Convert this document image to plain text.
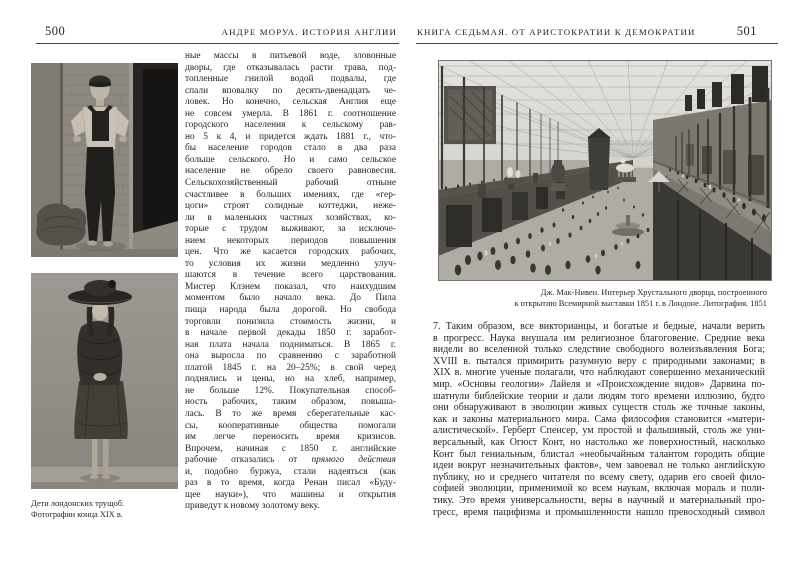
500	АНДРЕ МОРУА. ИСТОРИЯ АНГЛИИ
Дети лондонских трущоб.
Фотографии конца XIX в.
ные массы в питьевой воде, зловонные
дворы, где отказывалась расти трава, под-
топленные гнилой водой подвалы, где
спали вповалку по десять-двенадцать че-
ловек. Но конечно, сельская Англия еще
не совсем умерла. В 1861 г. соотношение
городского населения к сельскому рав-
но 5 к 4, и придется ждать 1881 г., что-
бы население городов стало в два раза
больше сельского. Но и само сельское
население не обрело своего равновесия.
Сельскохозяйственный рабочий отныне
счастливее в больших имениях, где «гер-
цоги» строят солидные коттеджи, неже-
ли в маленьких частных хозяйствах, ко-
торые с трудом выживают, за исключе-
нием некоторых периодов повышения
цен. Что же касается городских рабочих,
то условия их жизни медленно улуч-
шаются в течение всего царствования.
Мистер Клэнем показал, что наихудшим
моментом было начало века. До Пила
пища народа была дорогой. Но свобода
торговли понизила стоимость жизни, и
в начале первой декады 1850 г. заработ-
ная плата начала подниматься. В 1865 г.
она выросла по сравнению с заработной
платой 1845 г. на 20–25%; в свой черед
поднялись и цены, но на хлеб, например,
не больше 12%. Покупательная способ-
ность рабочих, таким образом, повыша-
лась. В то же время сберегательные кас-
сы, кооперативные общества помогали
им легче переносить время кризисов.
Впрочем, начиная с 1850 г. английские
рабочие отказались от прямого действия
и, подобно буржуа, стали надеяться (как
раз в то время, когда Ренан писал «Буду-
щее науки»), что машины и открытия
приведут к новому золотому веку.
КНИГА СЕДЬМАЯ. ОТ АРИСТОКРАТИИ К ДЕМОКРАТИИ	501
Дж. Мак-Нивен. Интерьер Хрустального дворца, построенного
к открытию Всемирной выставки 1851 г. в Лондоне. Литография. 1851
7. Таким образом, все викторианцы, и богатые и бедные, начали верить
в прогресс. Наука внушала им религиозное благоговение. Средние века
видели во вселенной только следствие свободного волеизъявления Бога;
XVIII в. пытался примирить разумную веру с природными законами; в
XIX в. многие ученые полагали, что наблюдают совершенно механический
мир. «Основы геологии» Лайеля и «Происхождение видов» Дарвина по-
шатнули библейские теории и дали людям того времени иллюзию, будто
они обнаруживают в эволюции живых существ столь же точные законы,
как и законы материального мира. Сама философия становится «матери-
алистической». Герберт Спенсер, ум простой и фальшивый, столь же уни-
версальный, как Огюст Конт, но настолько же поверхностный, насколько
Конт был гениальным, блистал «необычайным талантом городить общие
идеи вокруг незначительных фактов», чем завоевал не только английскую
публику, но и среднего читателя по всему свету, одарив его своей фило-
софией эволюции, применимой ко всем наукам, включая мораль и поли-
тику. Это время универсальности, веры в научный и материальный про-
гресс, время пацифизма и промышленности нашло превосходный символ
